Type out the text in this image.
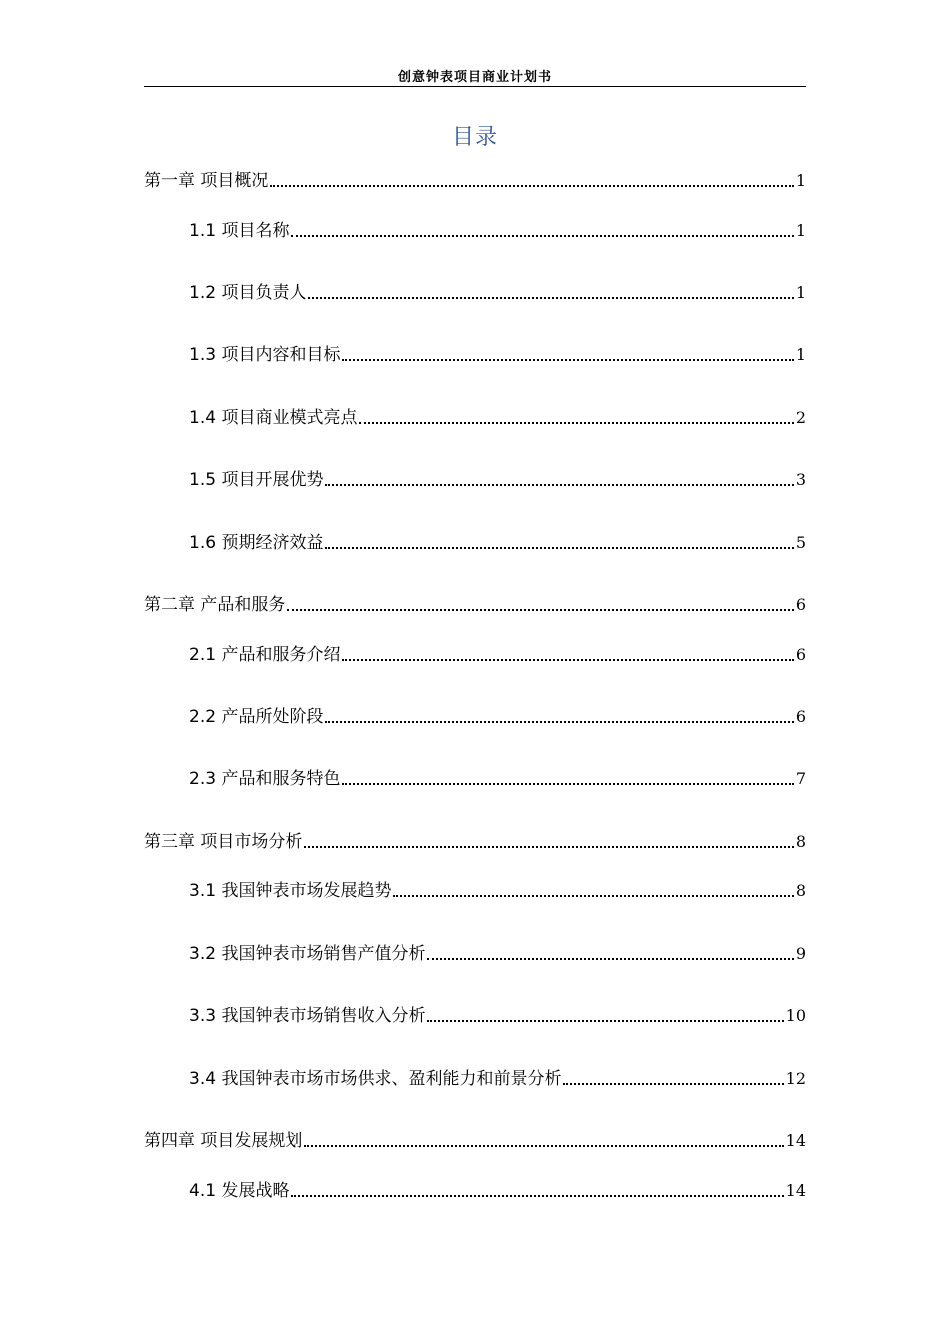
创意钟表项目商业计划书
目录
第一章 项目概况	1
1.1 项目名称	1
1.2 项目负责人	1
1.3 项目内容和目标	1
1.4 项目商业模式亮点	2
1.5 项目开展优势	3
1.6 预期经济效益	5
第二章 产品和服务	6
2.1 产品和服务介绍	6
2.2 产品所处阶段	6
2.3 产品和服务特色	7
第三章 项目市场分析	8
3.1 我国钟表市场发展趋势	8
3.2 我国钟表市场销售产值分析	9
3.3 我国钟表市场销售收入分析	10
3.4 我国钟表市场市场供求、盈利能力和前景分析	12
第四章 项目发展规划	14
4.1 发展战略	14
